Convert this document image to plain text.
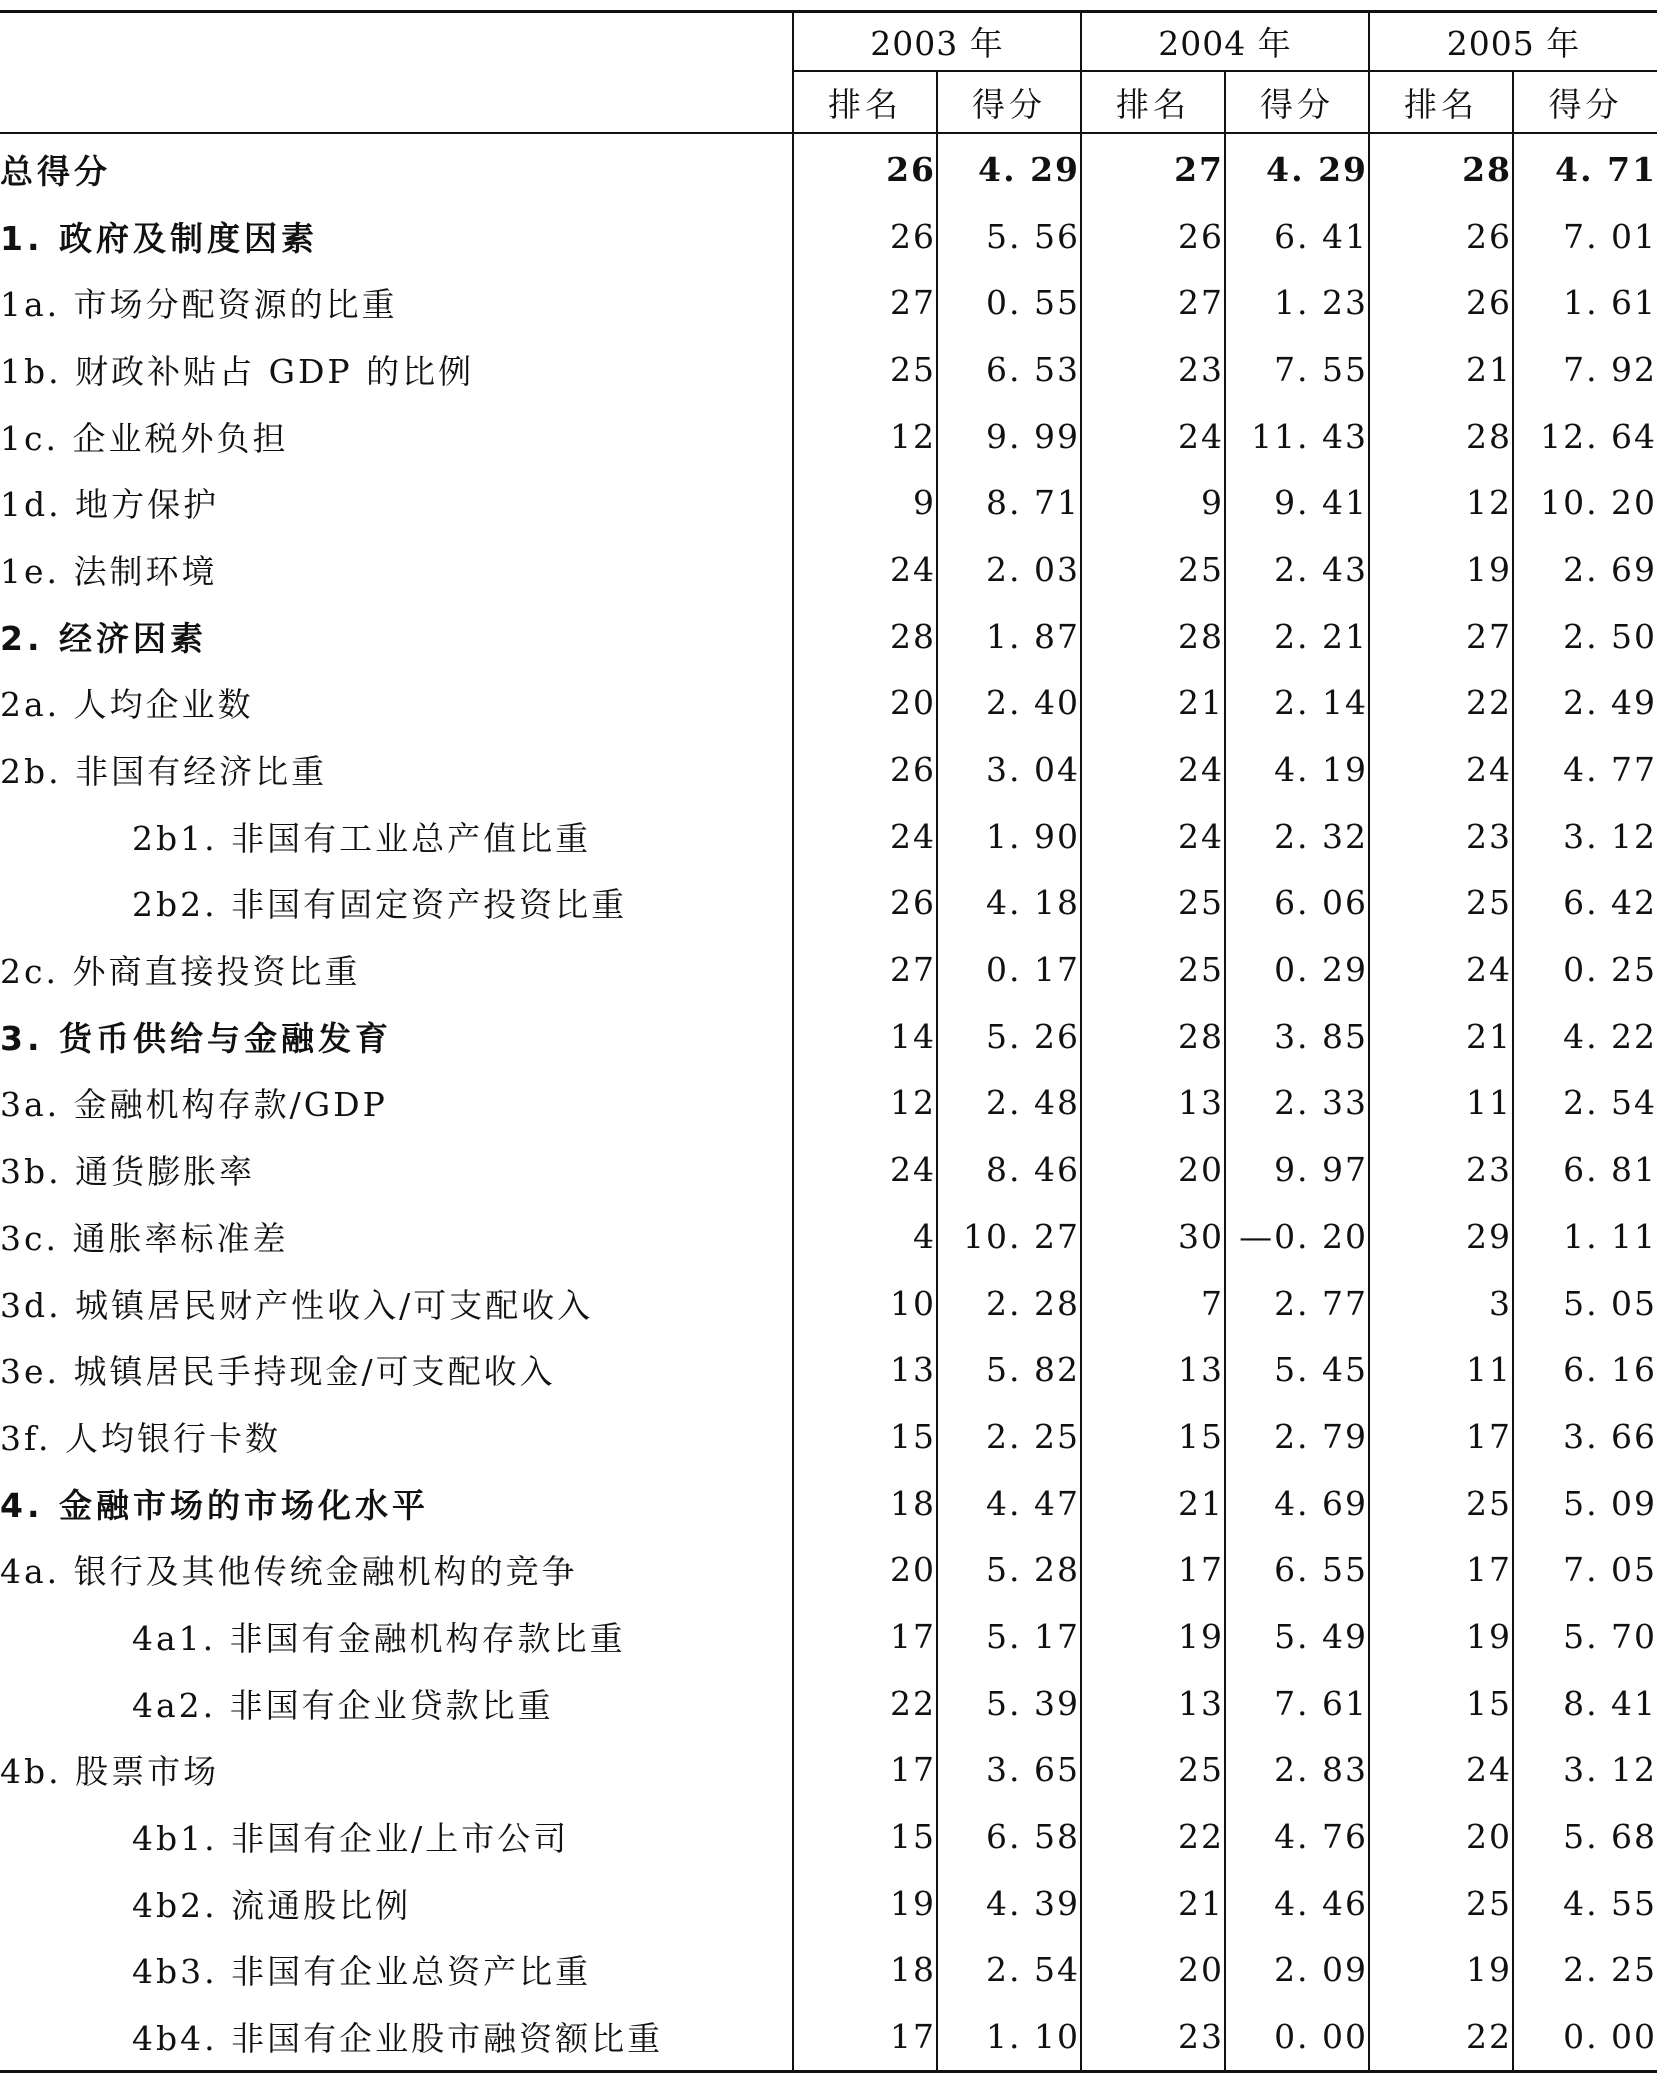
	2003 年		2004 年		2005 年	
	排名	得分	排名	得分	排名	得分
总得分	26	4. 29	27	4. 29	28	4. 71
1. 政府及制度因素	26	5. 56	26	6. 41	26	7. 01
1a. 市场分配资源的比重	27	0. 55	27	1. 23	26	1. 61
1b. 财政补贴占 GDP 的比例	25	6. 53	23	7. 55	21	7. 92
1c. 企业税外负担	12	9. 99	24	11. 43	28	12. 64
1d. 地方保护	9	8. 71	9	9. 41	12	10. 20
1e. 法制环境	24	2. 03	25	2. 43	19	2. 69
2. 经济因素	28	1. 87	28	2. 21	27	2. 50
2a. 人均企业数	20	2. 40	21	2. 14	22	2. 49
2b. 非国有经济比重	26	3. 04	24	4. 19	24	4. 77
2b1. 非国有工业总产值比重	24	1. 90	24	2. 32	23	3. 12
2b2. 非国有固定资产投资比重	26	4. 18	25	6. 06	25	6. 42
2c. 外商直接投资比重	27	0. 17	25	0. 29	24	0. 25
3. 货币供给与金融发育	14	5. 26	28	3. 85	21	4. 22
3a. 金融机构存款/GDP	12	2. 48	13	2. 33	11	2. 54
3b. 通货膨胀率	24	8. 46	20	9. 97	23	6. 81
3c. 通胀率标准差	4	10. 27	30	—0. 20	29	1. 11
3d. 城镇居民财产性收入/可支配收入	10	2. 28	7	2. 77	3	5. 05
3e. 城镇居民手持现金/可支配收入	13	5. 82	13	5. 45	11	6. 16
3f. 人均银行卡数	15	2. 25	15	2. 79	17	3. 66
4. 金融市场的市场化水平	18	4. 47	21	4. 69	25	5. 09
4a. 银行及其他传统金融机构的竞争	20	5. 28	17	6. 55	17	7. 05
4a1. 非国有金融机构存款比重	17	5. 17	19	5. 49	19	5. 70
4a2. 非国有企业贷款比重	22	5. 39	13	7. 61	15	8. 41
4b. 股票市场	17	3. 65	25	2. 83	24	3. 12
4b1. 非国有企业/上市公司	15	6. 58	22	4. 76	20	5. 68
4b2. 流通股比例	19	4. 39	21	4. 46	25	4. 55
4b3. 非国有企业总资产比重	18	2. 54	20	2. 09	19	2. 25
4b4. 非国有企业股市融资额比重	17	1. 10	23	0. 00	22	0. 00
